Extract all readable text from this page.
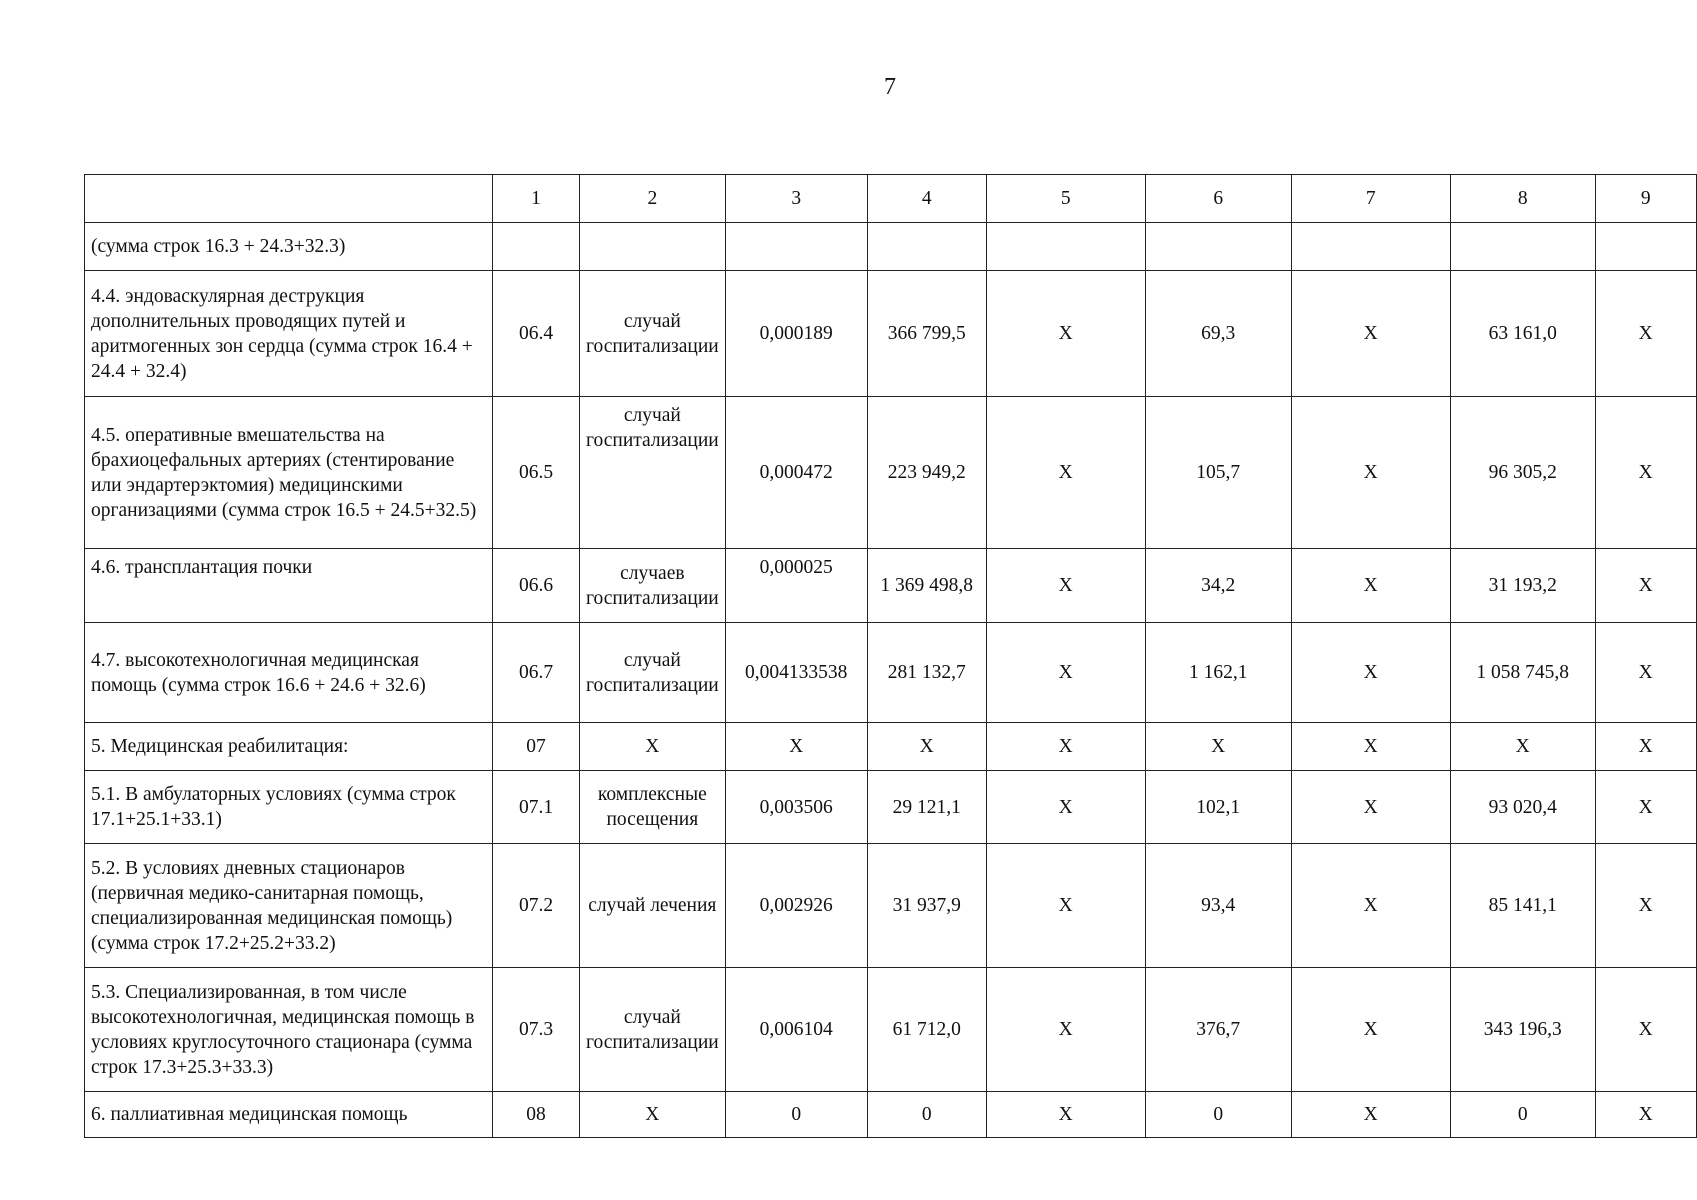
7
	1	2	3	4	5	6	7	8	9
(сумма строк 16.3 + 24.3+32.3)									
4.4. эндоваскулярная деструкция дополнительных проводящих путей и аритмогенных зон сердца (сумма строк 16.4 + 24.4 + 32.4)	06.4	случай госпитализации	0,000189	366 799,5	Х	69,3	Х	63 161,0	Х
4.5. оперативные вмешательства на брахиоцефальных артериях (стентирование или эндартерэктомия) медицинскими организациями (сумма строк 16.5 + 24.5+32.5)	06.5	случай госпитализации	0,000472	223 949,2	Х	105,7	Х	96 305,2	Х
4.6. трансплантация почки	06.6	случаев госпитализации	0,000025	1 369 498,8	Х	34,2	Х	31 193,2	Х
4.7. высокотехнологичная медицинская помощь (сумма строк 16.6 + 24.6 + 32.6)	06.7	случай госпитализации	0,004133538	281 132,7	Х	1 162,1	Х	1 058 745,8	Х
5. Медицинская реабилитация:	07	Х	Х	Х	Х	Х	Х	Х	Х
5.1. В амбулаторных условиях (сумма строк 17.1+25.1+33.1)	07.1	комплексные посещения	0,003506	29 121,1	Х	102,1	Х	93 020,4	Х
5.2. В условиях дневных стационаров (первичная медико-санитарная помощь, специализированная медицинская помощь) (сумма строк 17.2+25.2+33.2)	07.2	случай лечения	0,002926	31 937,9	Х	93,4	Х	85 141,1	Х
5.3. Специализированная, в том числе высокотехнологичная, медицинская помощь в условиях круглосуточного стационара (сумма строк 17.3+25.3+33.3)	07.3	случай госпитализации	0,006104	61 712,0	Х	376,7	Х	343 196,3	Х
6. паллиативная медицинская помощь	08	Х	0	0	Х	0	Х	0	Х
